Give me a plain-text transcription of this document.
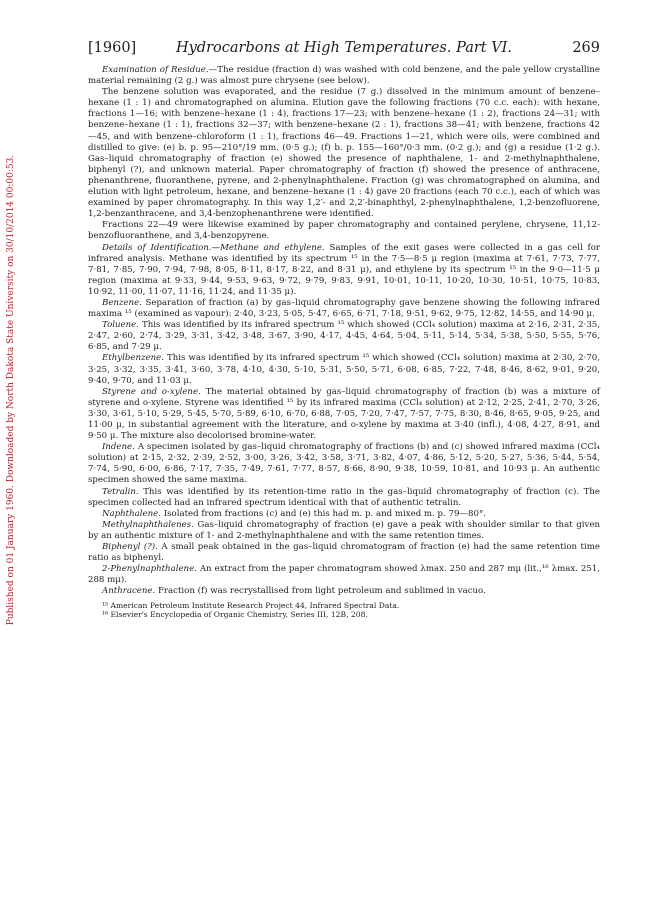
Published on 01 January 1960. Downloaded by North Dakota State University on 30/10/2014 00:00:53.
[1960]	Hydrocarbons at High Temperatures. Part VI.	269

Examination of Residue.—The residue (fraction d) was washed with cold benzene, and the pale yellow crystalline material remaining (2 g.) was almost pure chrysene (see below).

The benzene solution was evaporated, and the residue (7 g.) dissolved in the minimum amount of benzene–hexane (1 : 1) and chromatographed on alumina. Elution gave the following fractions (70 c.c. each): with hexane, fractions 1—16; with benzene–hexane (1 : 4), fractions 17—23; with benzene–hexane (1 : 2), fractions 24—31; with benzene–hexane (1 : 1), fractions 32—37; with benzene–hexane (2 : 1), fractions 38—41; with benzene, fractions 42—45, and with benzene–chloroform (1 : 1), fractions 46—49. Fractions 1—21, which were oils, were combined and distilled to give: (e) b. p. 95—210°/19 mm. (0·5 g.); (f) b. p. 155—160°/0·3 mm. (0·2 g.); and (g) a residue (1·2 g.). Gas–liquid chromatography of fraction (e) showed the presence of naphthalene, 1- and 2-methylnaphthalene, biphenyl (?), and unknown material. Paper chromatography of fraction (f) showed the presence of anthracene, phenanthrene, fluoranthene, pyrene, and 2-phenylnaphthalene. Fraction (g) was chromatographed on alumina, and elution with light petroleum, hexane, and benzene–hexane (1 : 4) gave 20 fractions (each 70 c.c.), each of which was examined by paper chromatography. In this way 1,2′- and 2,2′-binaphthyl, 2-phenylnaphthalene, 1,2-benzofluorene, 1,2-benzanthracene, and 3,4-benzophenanthrene were identified.

Fractions 22—49 were likewise examined by paper chromatography and contained perylene, chrysene, 11,12-benzofluoranthene, and 3,4-benzopyrene.

Details of Identification.—Methane and ethylene. Samples of the exit gases were collected in a gas cell for infrared analysis. Methane was identified by its spectrum ¹⁵ in the 7·5—8·5 μ region (maxima at 7·61, 7·73, 7·77, 7·81, 7·85, 7·90, 7·94, 7·98, 8·05, 8·11, 8·17, 8·22, and 8·31 μ), and ethylene by its spectrum ¹⁵ in the 9·0—11·5 μ region (maxima at 9·33, 9·44, 9·53, 9·63, 9·72, 9·79, 9·83, 9·91, 10·01, 10·11, 10·20, 10·30, 10·51, 10·75, 10·83, 10·92, 11·00, 11·07, 11·16, 11·24, and 11·35 μ).

Benzene. Separation of fraction (a) by gas–liquid chromatography gave benzene showing the following infrared maxima ¹⁵ (examined as vapour): 2·40, 3·23, 5·05, 5·47, 6·65, 6·71, 7·18, 9·51, 9·62, 9·75, 12·82, 14·55, and 14·90 μ.

Toluene. This was identified by its infrared spectrum ¹⁵ which showed (CCl₄ solution) maxima at 2·16, 2·31, 2·35, 2·47, 2·60, 2·74, 3·29, 3·31, 3·42, 3·48, 3·67, 3·90, 4·17, 4·45, 4·64, 5·04, 5·11, 5·14, 5·34, 5·38, 5·50, 5·55, 5·76, 6·85, and 7·29 μ.

Ethylbenzene. This was identified by its infrared spectrum ¹⁵ which showed (CCl₄ solution) maxima at 2·30, 2·70, 3·25, 3·32, 3·35, 3·41, 3·60, 3·78, 4·10, 4·30, 5·10, 5·31, 5·50, 5·71, 6·08, 6·85, 7·22, 7·48, 8·46, 8·62, 9·01, 9·20, 9·40, 9·70, and 11·03 μ.

Styrene and o-xylene. The material obtained by gas–liquid chromatography of fraction (b) was a mixture of styrene and o-xylene. Styrene was identified ¹⁵ by its infrared maxima (CCl₄ solution) at 2·12, 2·25, 2·41, 2·70, 3·26, 3·30, 3·61, 5·10, 5·29, 5·45, 5·70, 5·89, 6·10, 6·70, 6·88, 7·05, 7·20, 7·47, 7·57, 7·75, 8·30, 8·46, 8·65, 9·05, 9·25, and 11·00 μ, in substantial agreement with the literature, and o-xylene by maxima at 3·40 (infl.), 4·08, 4·27, 8·91, and 9·50 μ. The mixture also decolorised bromine-water.

Indene. A specimen isolated by gas–liquid chromatography of fractions (b) and (c) showed infrared maxima (CCl₄ solution) at 2·15, 2·32, 2·39, 2·52, 3·00, 3·26, 3·42, 3·58, 3·71, 3·82, 4·07, 4·86, 5·12, 5·20, 5·27, 5·36, 5·44, 5·54, 7·74, 5·90, 6·00, 6·86, 7·17, 7·35, 7·49, 7·61, 7·77, 8·57, 8·66, 8·90, 9·38, 10·59, 10·81, and 10·93 μ. An authentic specimen showed the same maxima.

Tetralin. This was identified by its retention-time ratio in the gas–liquid chromatography of fraction (c). The specimen collected had an infrared spectrum identical with that of authentic tetralin.

Naphthalene. Isolated from fractions (c) and (e) this had m. p. and mixed m. p. 79—80°.

Methylnaphthalenes. Gas–liquid chromatography of fraction (e) gave a peak with shoulder similar to that given by an authentic mixture of 1- and 2-methylnaphthalene and with the same retention times.

Biphenyl (?). A small peak obtained in the gas–liquid chromatogram of fraction (e) had the same retention time ratio as biphenyl.

2-Phenylnaphthalene. An extract from the paper chromatogram showed λmax. 250 and 287 mμ (lit.,¹⁶ λmax. 251, 288 mμ).

Anthracene. Fraction (f) was recrystallised from light petroleum and sublimed in vacuo.

¹⁵ American Petroleum Institute Research Project 44, Infrared Spectral Data.

¹⁶ Elsevier's Encyclopedia of Organic Chemistry, Series III, 12B, 208.
